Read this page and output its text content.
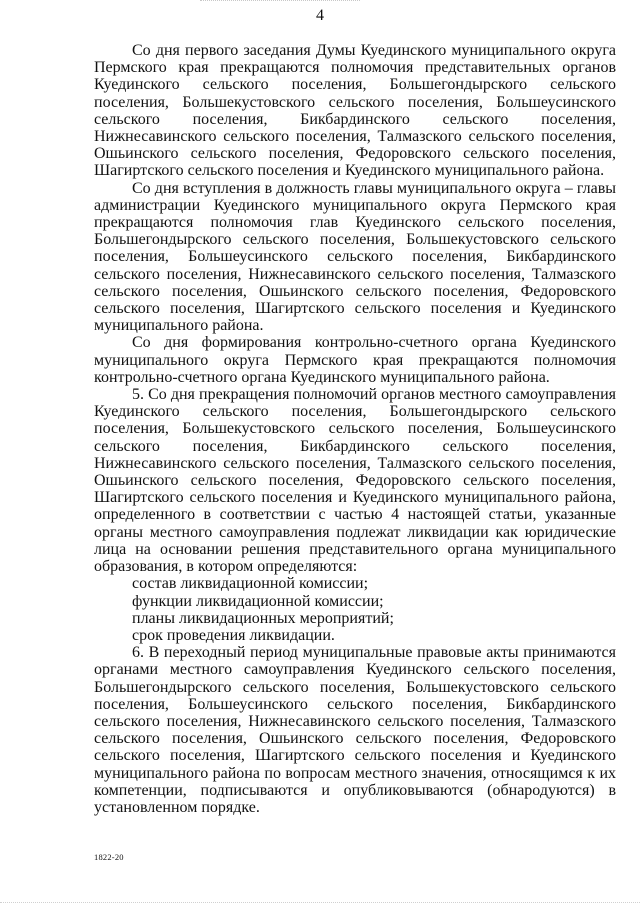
4

Со дня первого заседания Думы Куединского муниципального округа Пермского края прекращаются полномочия представительных органов Куединского сельского поселения, Большегондырского сельского поселения, Большекустовского сельского поселения, Большеусинского сельского поселения, Бикбардинского сельского поселения, Нижнесавинского сельского поселения, Талмазского сельского поселения, Ошьинского сельского поселения, Федоровского сельского поселения, Шагиртского сельского поселения и Куединского муниципального района.

Со дня вступления в должность главы муниципального округа – главы администрации Куединского муниципального округа Пермского края прекращаются полномочия глав Куединского сельского поселения, Большегондырского сельского поселения, Большекустовского сельского поселения, Большеусинского сельского поселения, Бикбардинского сельского поселения, Нижнесавинского сельского поселения, Талмазского сельского поселения, Ошьинского сельского поселения, Федоровского сельского поселения, Шагиртского сельского поселения и Куединского муниципального района.

Со дня формирования контрольно-счетного органа Куединского муниципального округа Пермского края прекращаются полномочия контрольно-счетного органа Куединского муниципального района.

5. Со дня прекращения полномочий органов местного самоуправления Куединского сельского поселения, Большегондырского сельского поселения, Большекустовского сельского поселения, Большеусинского сельского поселения, Бикбардинского сельского поселения, Нижнесавинского сельского поселения, Талмазского сельского поселения, Ошьинского сельского поселения, Федоровского сельского поселения, Шагиртского сельского поселения и Куединского муниципального района, определенного в соответствии с частью 4 настоящей статьи, указанные органы местного самоуправления подлежат ликвидации как юридические лица на основании решения представительного органа муниципального образования, в котором определяются:

состав ликвидационной комиссии;

функции ликвидационной комиссии;

планы ликвидационных мероприятий;

срок проведения ликвидации.

6. В переходный период муниципальные правовые акты принимаются органами местного самоуправления Куединского сельского поселения, Большегондырского сельского поселения, Большекустовского сельского поселения, Большеусинского сельского поселения, Бикбардинского сельского поселения, Нижнесавинского сельского поселения, Талмазского сельского поселения, Ошьинского сельского поселения, Федоровского сельского поселения, Шагиртского сельского поселения и Куединского муниципального района по вопросам местного значения, относящимся к их компетенции, подписываются и опубликовываются (обнародуются) в установленном порядке.

1822-20
